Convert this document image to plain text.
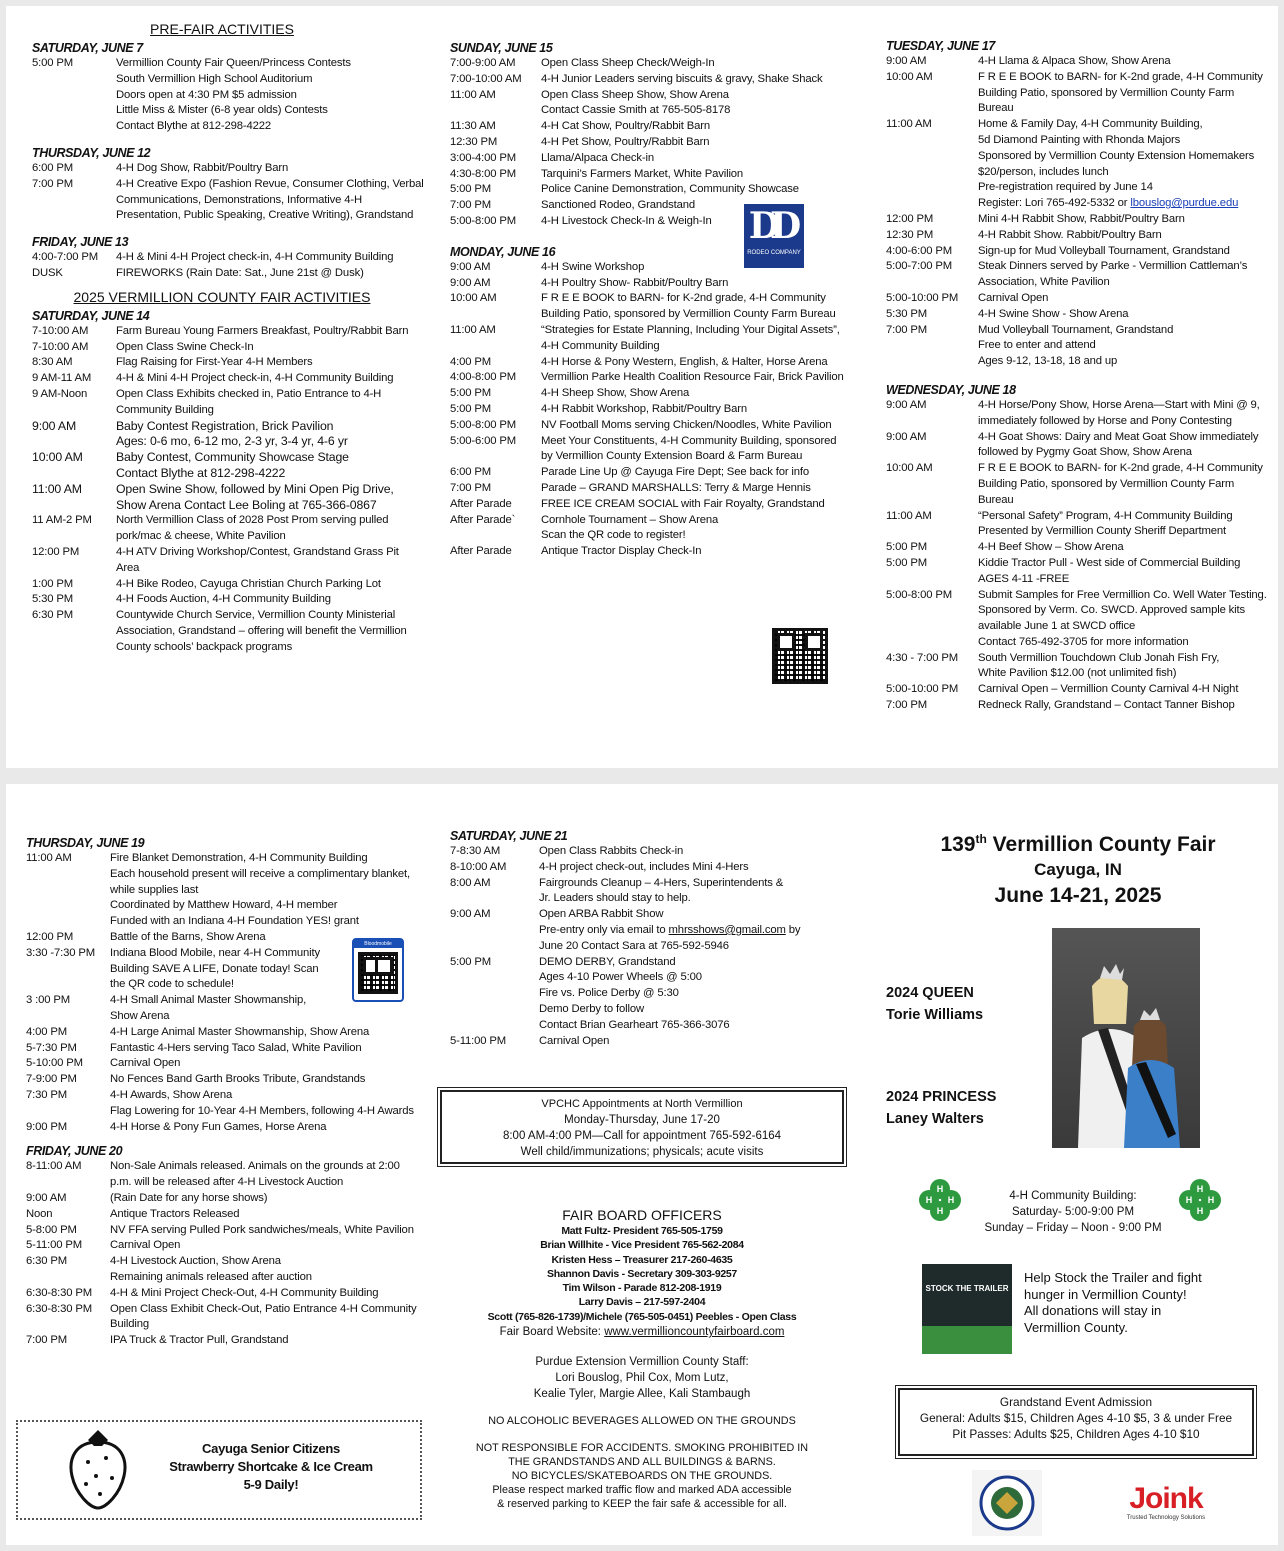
PRE-FAIR ACTIVITIES
SATURDAY, JUNE 7
5:00 PM	Vermillion County Fair Queen/Princess Contests
South Vermillion High School Auditorium
Doors open at 4:30 PM $5 admission
Little Miss & Mister (6-8 year olds) Contests
Contact Blythe at 812-298-4222
THURSDAY, JUNE 12
6:00 PM	4-H Dog Show, Rabbit/Poultry Barn
7:00 PM	4-H Creative Expo (Fashion Revue, Consumer Clothing, Verbal Communications, Demonstrations, Informative 4-H Presentation, Public Speaking, Creative Writing), Grandstand
FRIDAY, JUNE 13
4:00-7:00 PM	4-H & Mini 4-H Project check-in, 4-H Community Building
DUSK	FIREWORKS (Rain Date: Sat., June 21st @ Dusk)
2025 VERMILLION COUNTY FAIR ACTIVITIES
SATURDAY, JUNE 14
7-10:00 AM	Farm Bureau Young Farmers Breakfast, Poultry/Rabbit Barn
7-10:00 AM	Open Class Swine Check-In
8:30 AM	Flag Raising for First-Year 4-H Members
9 AM-11 AM	4-H & Mini 4-H Project check-in, 4-H Community Building
9 AM-Noon	Open Class Exhibits checked in, Patio Entrance to 4-H Community Building
9:00 AM	Baby Contest Registration, Brick Pavilion
Ages: 0-6 mo, 6-12 mo, 2-3 yr, 3-4 yr, 4-6 yr
10:00 AM	Baby Contest, Community Showcase Stage
Contact Blythe at 812-298-4222
11:00 AM	Open Swine Show, followed by Mini Open Pig Drive,
Show Arena Contact Lee Boling at 765-366-0867
11 AM-2 PM	North Vermillion Class of 2028 Post Prom serving pulled pork/mac & cheese, White Pavilion
12:00 PM	4-H ATV Driving Workshop/Contest, Grandstand Grass Pit Area
1:00 PM	4-H Bike Rodeo, Cayuga Christian Church Parking Lot
5:30 PM	4-H Foods Auction, 4-H Community Building
6:30 PM	Countywide Church Service, Vermillion County Ministerial Association, Grandstand – offering will benefit the Vermillion County schools’ backpack programs
SUNDAY, JUNE 15
7:00-9:00 AM	Open Class Sheep Check/Weigh-In
7:00-10:00 AM	4-H Junior Leaders serving biscuits & gravy, Shake Shack
11:00 AM	Open Class Sheep Show, Show Arena
Contact Cassie Smith at 765-505-8178
11:30 AM	4-H Cat Show, Poultry/Rabbit Barn
12:30 PM	4-H Pet Show, Poultry/Rabbit Barn
3:00-4:00 PM	Llama/Alpaca Check-in
4:30-8:00 PM	Tarquini’s Farmers Market, White Pavilion
5:00 PM	Police Canine Demonstration, Community Showcase
7:00 PM	Sanctioned Rodeo, Grandstand
5:00-8:00 PM	4-H Livestock Check-In & Weigh-In
MONDAY, JUNE 16
9:00 AM	4-H Swine Workshop
9:00 AM	4-H Poultry Show- Rabbit/Poultry Barn
10:00 AM	F R E E BOOK to BARN- for K-2nd grade, 4-H Community Building Patio, sponsored by Vermillion County Farm Bureau
11:00 AM	“Strategies for Estate Planning, Including Your Digital Assets”, 4-H Community Building
4:00 PM	4-H Horse & Pony Western, English, & Halter, Horse Arena
4:00-8:00 PM	Vermillion Parke Health Coalition Resource Fair, Brick Pavilion
5:00 PM	4-H Sheep Show, Show Arena
5:00 PM	4-H Rabbit Workshop, Rabbit/Poultry Barn
5:00-8:00 PM	NV Football Moms serving Chicken/Noodles, White Pavilion
5:00-6:00 PM	Meet Your Constituents, 4-H Community Building, sponsored by Vermillion County Extension Board & Farm Bureau
6:00 PM	Parade Line Up @ Cayuga Fire Dept; See back for info
7:00 PM	Parade – GRAND MARSHALLS: Terry & Marge Hennis
After Parade	FREE ICE CREAM SOCIAL with Fair Royalty, Grandstand
After Parade`	Cornhole Tournament – Show Arena
Scan the QR code to register!
After Parade	Antique Tractor Display Check-In
DD
RODEO COMPANY
TUESDAY, JUNE 17
9:00 AM	4-H Llama & Alpaca Show, Show Arena
10:00 AM	F R E E BOOK to BARN- for K-2nd grade, 4-H Community Building Patio, sponsored by Vermillion County Farm Bureau
11:00 AM	Home & Family Day, 4-H Community Building,
5d Diamond Painting with Rhonda Majors
Sponsored by Vermillion County Extension Homemakers
$20/person, includes lunch
Pre-registration required by June 14
Register: Lori 765-492-5332 or lbouslog@purdue.edu
12:00 PM	Mini 4-H Rabbit Show, Rabbit/Poultry Barn
12:30 PM	4-H Rabbit Show. Rabbit/Poultry Barn
4:00-6:00 PM	Sign-up for Mud Volleyball Tournament, Grandstand
5:00-7:00 PM	Steak Dinners served by Parke - Vermillion Cattleman’s Association, White Pavilion
5:00-10:00 PM	Carnival Open
5:30 PM	4-H Swine Show - Show Arena
7:00 PM	Mud Volleyball Tournament, Grandstand
Free to enter and attend
Ages 9-12, 13-18, 18 and up
WEDNESDAY, JUNE 18
9:00 AM	4-H Horse/Pony Show, Horse Arena—Start with Mini @ 9, immediately followed by Horse and Pony Contesting
9:00 AM	4-H Goat Shows: Dairy and Meat Goat Show immediately followed by Pygmy Goat Show, Show Arena
10:00 AM	F R E E BOOK to BARN- for K-2nd grade, 4-H Community Building Patio, sponsored by Vermillion County Farm Bureau
11:00 AM	“Personal Safety” Program, 4-H Community Building
Presented by Vermillion County Sheriff Department
5:00 PM	4-H Beef Show – Show Arena
5:00 PM	Kiddie Tractor Pull - West side of Commercial Building
AGES 4-11 -FREE
5:00-8:00 PM	Submit Samples for Free Vermillion Co. Well Water Testing. Sponsored by Verm. Co. SWCD. Approved sample kits available June 1 at SWCD office
Contact 765-492-3705 for more information
4:30 - 7:00 PM	South Vermillion Touchdown Club Jonah Fish Fry,
White Pavilion $12.00 (not unlimited fish)
5:00-10:00 PM	Carnival Open – Vermillion County Carnival 4-H Night
7:00 PM	Redneck Rally, Grandstand – Contact Tanner Bishop
THURSDAY, JUNE 19
11:00 AM	Fire Blanket Demonstration, 4-H Community Building
Each household present will receive a complimentary blanket, while supplies last
Coordinated by Matthew Howard, 4-H member
Funded with an Indiana 4-H Foundation YES! grant
12:00 PM	Battle of the Barns, Show Arena
3:30 -7:30 PM	Indiana Blood Mobile, near 4-H Community
Building SAVE A LIFE, Donate today! Scan
the QR code to schedule!
3 :00 PM	4-H Small Animal Master Showmanship,
Show Arena
4:00 PM	4-H Large Animal Master Showmanship, Show Arena
5-7:30 PM	Fantastic 4-Hers serving Taco Salad, White Pavilion
5-10:00 PM	Carnival Open
7-9:00 PM	No Fences Band Garth Brooks Tribute, Grandstands
7:30 PM	4-H Awards, Show Arena
Flag Lowering for 10-Year 4-H Members, following 4-H Awards
9:00 PM	4-H Horse & Pony Fun Games, Horse Arena
FRIDAY, JUNE 20
8-11:00 AM	Non-Sale Animals released. Animals on the grounds at 2:00 p.m. will be released after 4-H Livestock Auction
9:00 AM	(Rain Date for any horse shows)
Noon	Antique Tractors Released
5-8:00 PM	NV FFA serving Pulled Pork sandwiches/meals, White Pavilion
5-11:00 PM	Carnival Open
6:30 PM	4-H Livestock Auction, Show Arena
Remaining animals released after auction
6:30-8:30 PM	4-H & Mini Project Check-Out, 4-H Community Building
6:30-8:30 PM	Open Class Exhibit Check-Out, Patio Entrance 4-H Community Building
7:00 PM	IPA Truck & Tractor Pull, Grandstand
Bloodmobile
Cayuga Senior Citizens
Strawberry Shortcake & Ice Cream
5-9 Daily!
SATURDAY, JUNE 21
7-8:30 AM	Open Class Rabbits Check-in
8-10:00 AM	4-H project check-out, includes Mini 4-Hers
8:00 AM	Fairgrounds Cleanup – 4-Hers, Superintendents &
Jr. Leaders should stay to help.
9:00 AM	Open ARBA Rabbit Show
Pre-entry only via email to mhrsshows@gmail.com by
June 20 Contact Sara at 765-592-5946
5:00 PM	DEMO DERBY, Grandstand
Ages 4-10 Power Wheels @ 5:00
Fire vs. Police Derby @ 5:30
Demo Derby to follow
Contact Brian Gearheart 765-366-3076
5-11:00 PM	Carnival Open
VPCHC Appointments at North Vermillion
Monday-Thursday, June 17-20
8:00 AM-4:00 PM—Call for appointment 765-592-6164
Well child/immunizations; physicals; acute visits
FAIR BOARD OFFICERS
Matt Fultz- President 765-505-1759
Brian Willhite - Vice President 765-562-2084
Kristen Hess – Treasurer 217-260-4635
Shannon Davis - Secretary 309-303-9257
Tim Wilson - Parade 812-208-1919
Larry Davis – 217-597-2404
Scott (765-826-1739)/Michele (765-505-0451) Peebles - Open Class
Fair Board Website: www.vermillioncountyfairboard.com
Purdue Extension Vermillion County Staff:
Lori Bouslog, Phil Cox, Mom Lutz,
Kealie Tyler, Margie Allee, Kali Stambaugh
NO ALCOHOLIC BEVERAGES ALLOWED ON THE GROUNDS
NOT RESPONSIBLE FOR ACCIDENTS. SMOKING PROHIBITED IN
THE GRANDSTANDS AND ALL BUILDINGS & BARNS.
NO BICYCLES/SKATEBOARDS ON THE GROUNDS.
Please respect marked traffic flow and marked ADA accessible
& reserved parking to KEEP the fair safe & accessible for all.
139th Vermillion County Fair
Cayuga, IN
June 14-21, 2025
2024 QUEEN
Torie Williams
2024 PRINCESS
Laney Walters
H
H
H H	4-H Community Building:
Saturday- 5:00-9:00 PM
Sunday – Friday – Noon - 9:00 PM
H
H
H H
STOCK THE TRAILER
Help Stock the Trailer and fight hunger in Vermillion County! All donations will stay in Vermillion County.
Grandstand Event Admission
General: Adults $15, Children Ages 4-10 $5, 3 & under Free
Pit Passes: Adults $25, Children Ages 4-10 $10
Joink
Trusted Technology Solutions
